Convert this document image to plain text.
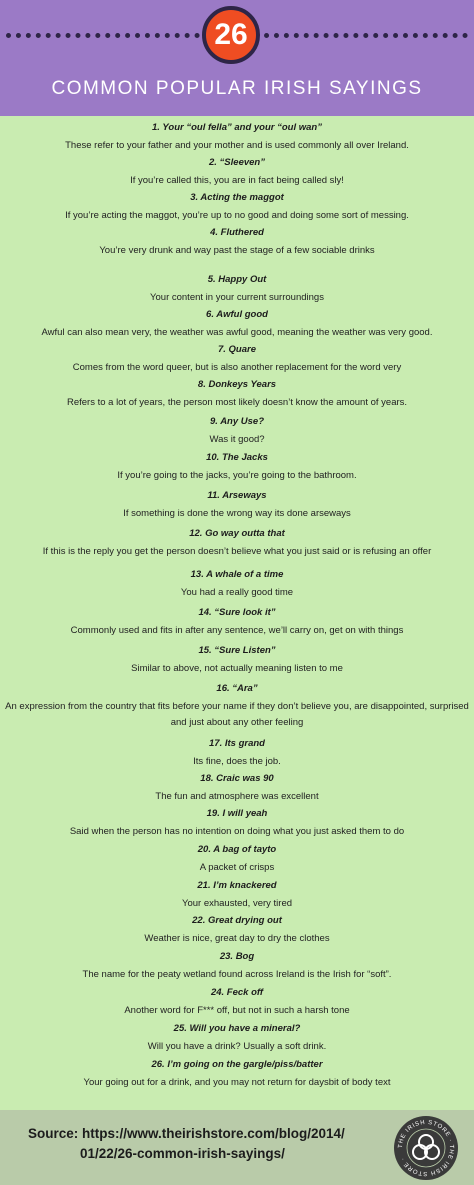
26
COMMON POPULAR IRISH SAYINGS
1. Your “oul fella” and your “oul wan”
These refer to your father and your mother and is used commonly all over Ireland.
2. “Sleeven”
If you’re called this, you are in fact being called sly!
3. Acting the maggot
If you’re acting the maggot, you’re up to no good and doing some sort of messing.
4. Fluthered
You’re very drunk and way past the stage of a few sociable drinks
5. Happy Out
Your content in your current surroundings
6. Awful good
Awful can also mean very, the weather was awful good, meaning the weather was very good.
7. Quare
Comes from the word queer, but is also another replacement for the word very
8. Donkeys Years
Refers to a lot of years, the person most likely doesn’t know the amount of years.
9. Any Use?
Was it good?
10. The Jacks
If you’re going to the jacks, you’re going to the bathroom.
11. Arseways
If something is done the wrong way its done arseways
12. Go way outta that
If this is the reply you get the person doesn’t believe what you just said or is refusing an offer
13. A whale of a time
You had a really good time
14. “Sure look it”
Commonly used and fits in after any sentence, we’ll carry on, get on with things
15. “Sure Listen”
Similar to above, not actually meaning listen to me
16. “Ara”
An expression from the country that fits before your name if they don’t believe you, are disappointed, surprised and just about any other feeling
17. Its grand
Its fine, does the job.
18. Craic was 90
The fun and atmosphere was excellent
19. I will yeah
Said when the person has no intention on doing what you just asked them to do
20. A bag of tayto
A packet of crisps
21. I’m knackered
Your exhausted, very tired
22. Great drying out
Weather is nice, great day to dry the clothes
23. Bog
The name for the peaty wetland found across Ireland is the Irish for “soft”.
24. Feck off
Another word for F*** off, but not in such a harsh tone
25. Will you have a mineral?
Will you have a drink? Usually a soft drink.
26. I’m going on the gargle/piss/batter
Your going out for a drink, and you may not return for daysbit of body text
Source: https://www.theirishstore.com/blog/2014/
01/22/26-common-irish-sayings/
THE IRISH STORE · THE IRISH STORE ·
